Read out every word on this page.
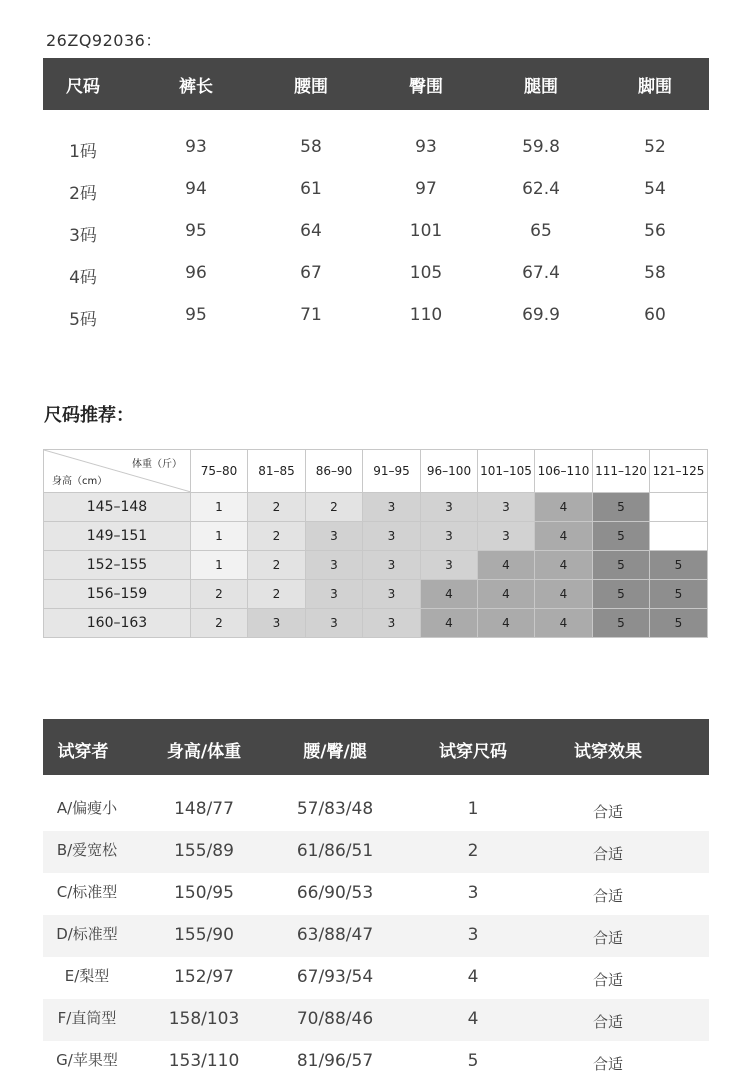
26ZQ92036：
尺码	裤长	腰围	臀围	腿围	脚围
1码	93	58	93	59.8	52
2码	94	61	97	62.4	54
3码	95	64	101	65	56
4码	96	67	105	67.4	58
5码	95	71	110	69.9	60
尺码推荐：
体重（斤）
身高（cm）	75–80	81–85	86–90	91–95	96–100	101–105	106–110	111–120	121–125
145–148	1	2	2	3	3	3	4	5	
149–151	1	2	3	3	3	3	4	5	
152–155	1	2	3	3	3	4	4	5	5
156–159	2	2	3	3	4	4	4	5	5
160–163	2	3	3	3	4	4	4	5	5
试穿者	身高/体重	腰/臀/腿	试穿尺码	试穿效果
A/偏瘦小	148/77	57/83/48	1	合适
B/爱宽松	155/89	61/86/51	2	合适
C/标准型	150/95	66/90/53	3	合适
D/标准型	155/90	63/88/47	3	合适
E/梨型	152/97	67/93/54	4	合适
F/直筒型	158/103	70/88/46	4	合适
G/苹果型	153/110	81/96/57	5	合适
